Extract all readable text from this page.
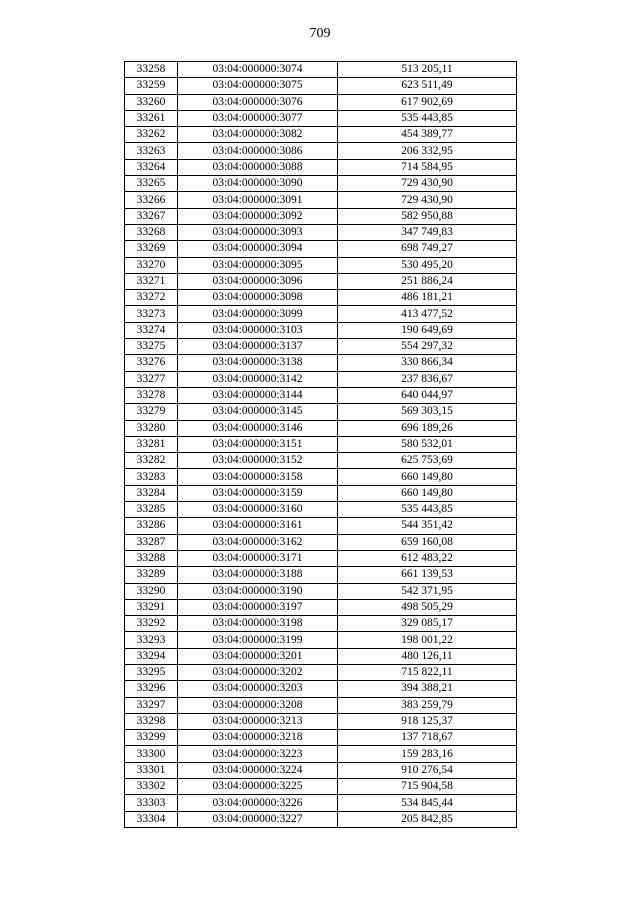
709
33258	03:04:000000:3074	513 205,11
33259	03:04:000000:3075	623 511,49
33260	03:04:000000:3076	617 902,69
33261	03:04:000000:3077	535 443,85
33262	03:04:000000:3082	454 389,77
33263	03:04:000000:3086	206 332,95
33264	03:04:000000:3088	714 584,95
33265	03:04:000000:3090	729 430,90
33266	03:04:000000:3091	729 430,90
33267	03:04:000000:3092	582 950,88
33268	03:04:000000:3093	347 749,83
33269	03:04:000000:3094	698 749,27
33270	03:04:000000:3095	530 495,20
33271	03:04:000000:3096	251 886,24
33272	03:04:000000:3098	486 181,21
33273	03:04:000000:3099	413 477,52
33274	03:04:000000:3103	190 649,69
33275	03:04:000000:3137	554 297,32
33276	03:04:000000:3138	330 866,34
33277	03:04:000000:3142	237 836,67
33278	03:04:000000:3144	640 044,97
33279	03:04:000000:3145	569 303,15
33280	03:04:000000:3146	696 189,26
33281	03:04:000000:3151	580 532,01
33282	03:04:000000:3152	625 753,69
33283	03:04:000000:3158	660 149,80
33284	03:04:000000:3159	660 149,80
33285	03:04:000000:3160	535 443,85
33286	03:04:000000:3161	544 351,42
33287	03:04:000000:3162	659 160,08
33288	03:04:000000:3171	612 483,22
33289	03:04:000000:3188	661 139,53
33290	03:04:000000:3190	542 371,95
33291	03:04:000000:3197	498 505,29
33292	03:04:000000:3198	329 085,17
33293	03:04:000000:3199	198 001,22
33294	03:04:000000:3201	480 126,11
33295	03:04:000000:3202	715 822,11
33296	03:04:000000:3203	394 388,21
33297	03:04:000000:3208	383 259,79
33298	03:04:000000:3213	918 125,37
33299	03:04:000000:3218	137 718,67
33300	03:04:000000:3223	159 283,16
33301	03:04:000000:3224	910 276,54
33302	03:04:000000:3225	715 904,58
33303	03:04:000000:3226	534 845,44
33304	03:04:000000:3227	205 842,85
